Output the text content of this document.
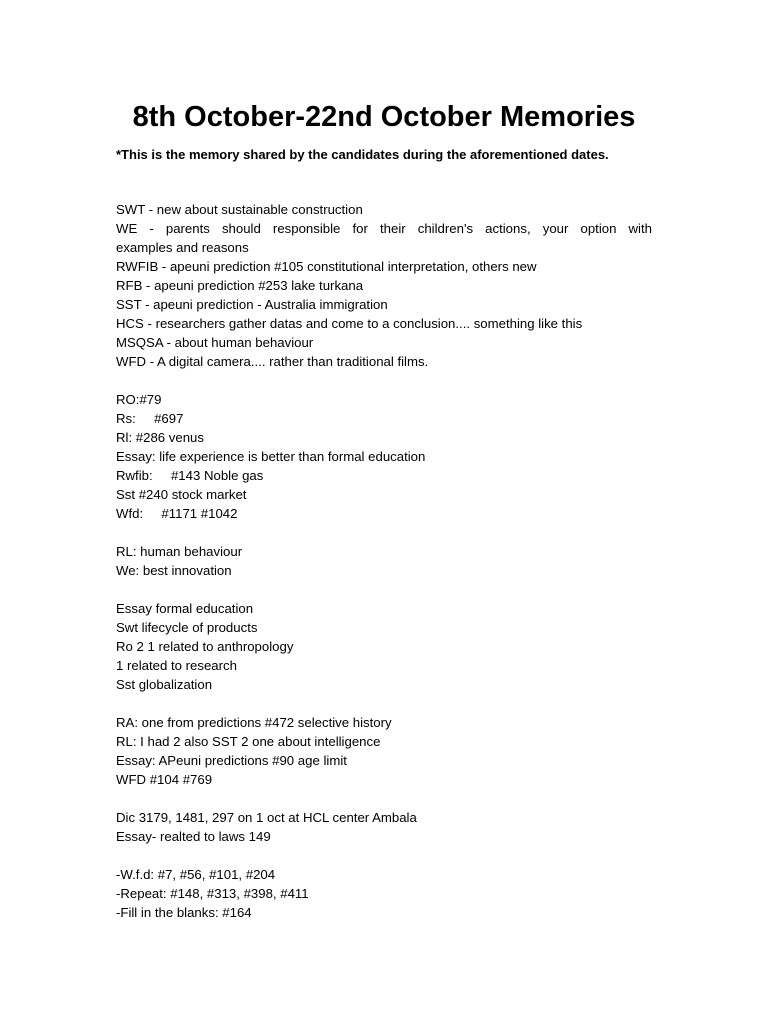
8th October-22nd October Memories

*This is the memory shared by the candidates during the aforementioned dates.

SWT - new about sustainable construction
WE - parents should responsible for their children's actions, your option with
examples and reasons
RWFIB - apeuni prediction #105 constitutional interpretation, others new
RFB - apeuni prediction #253 lake turkana
SST - apeuni prediction - Australia immigration
HCS - researchers gather datas and come to a conclusion.... something like this
MSQSA - about human behaviour
WFD - A digital camera.... rather than traditional films.
RO:#79
Rs:     #697
Rl: #286 venus
Essay: life experience is better than formal education
Rwfib:     #143 Noble gas
Sst #240 stock market
Wfd:     #1171 #1042
RL: human behaviour
We: best innovation
Essay formal education
Swt lifecycle of products
Ro 2 1 related to anthropology
1 related to research
Sst globalization
RA: one from predictions #472 selective history
RL: I had 2 also SST 2 one about intelligence
Essay: APeuni predictions #90 age limit
WFD #104 #769
Dic 3179, 1481, 297 on 1 oct at HCL center Ambala
Essay- realted to laws 149
-W.f.d: #7, #56, #101, #204
-Repeat: #148, #313, #398, #411
-Fill in the blanks: #164
